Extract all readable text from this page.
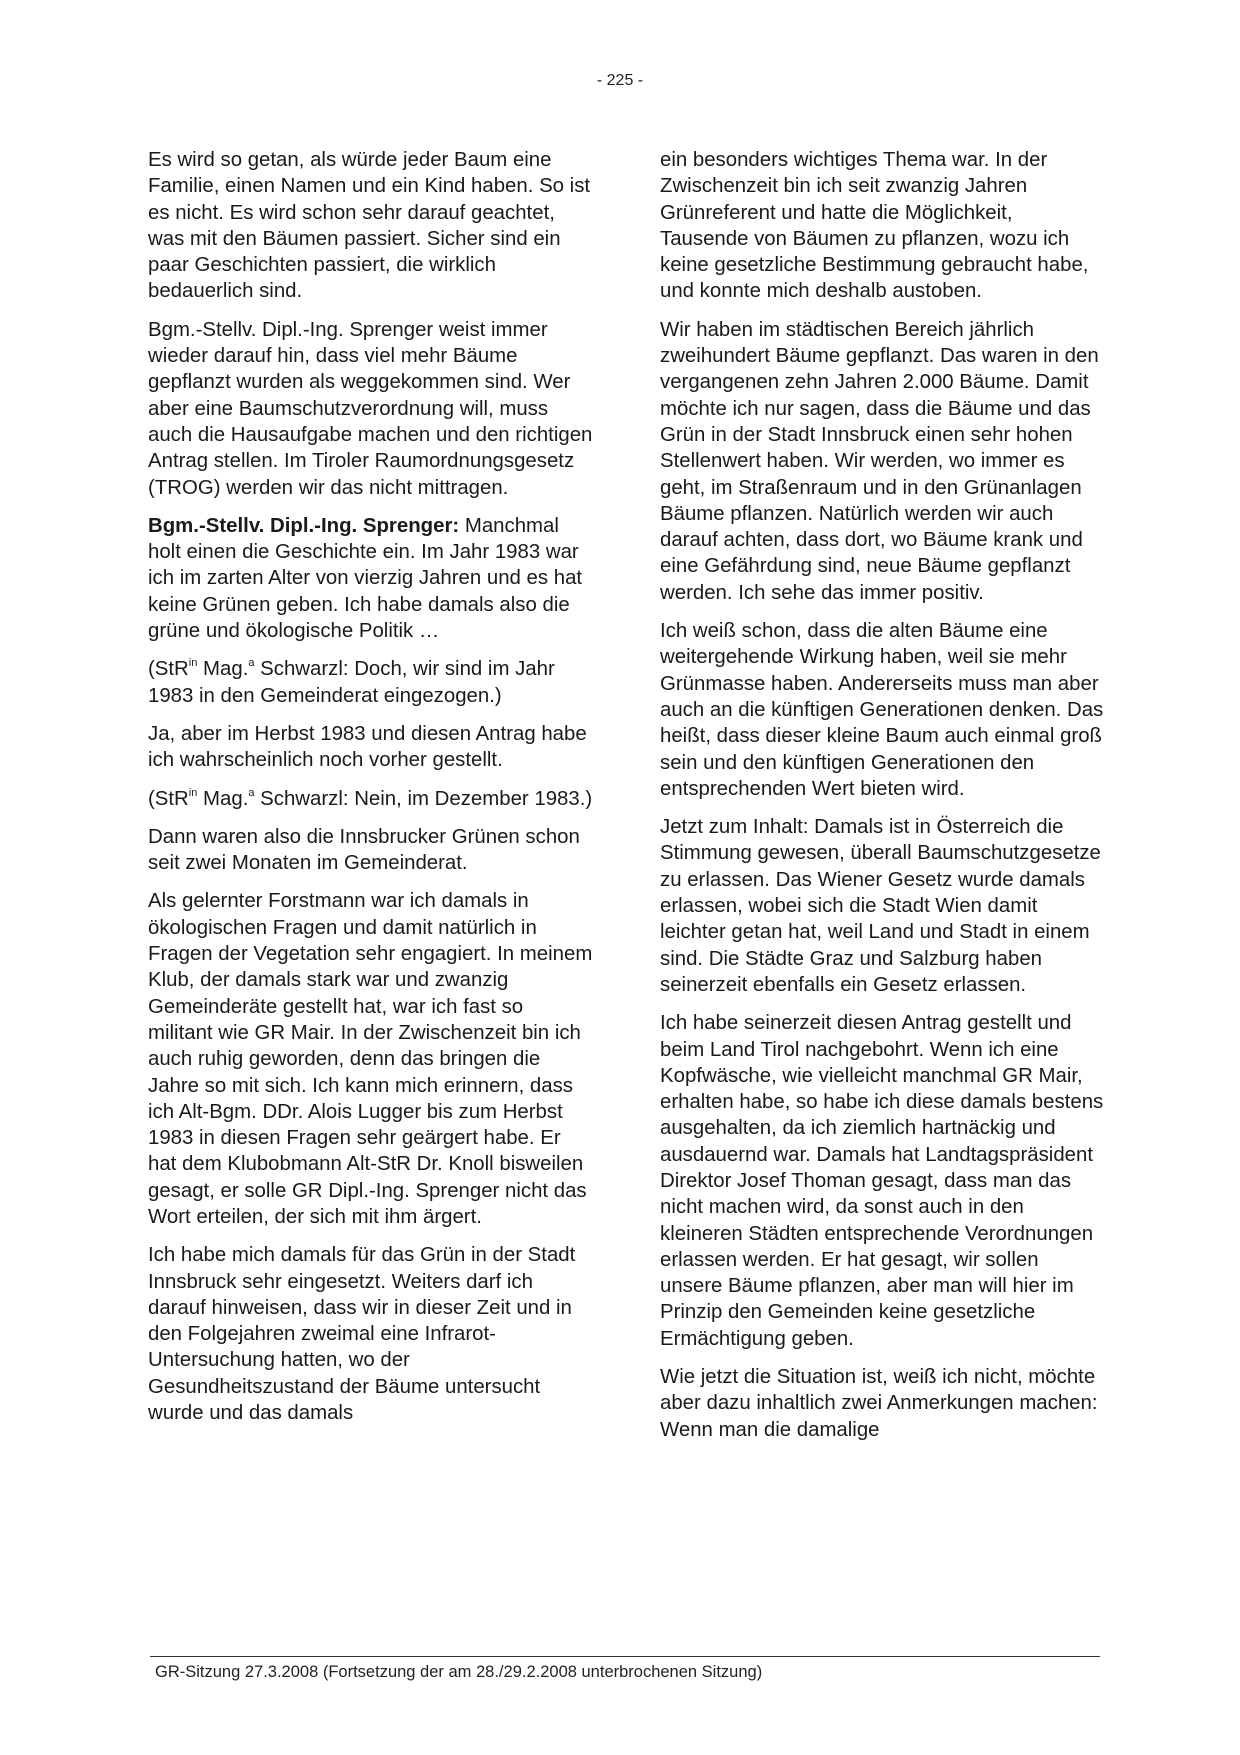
- 225 -

Es wird so getan, als würde jeder Baum eine Familie, einen Namen und ein Kind haben. So ist es nicht. Es wird schon sehr darauf geachtet, was mit den Bäumen passiert. Sicher sind ein paar Geschichten passiert, die wirklich bedauerlich sind.

Bgm.-Stellv. Dipl.-Ing. Sprenger weist immer wieder darauf hin, dass viel mehr Bäume gepflanzt wurden als weggekommen sind. Wer aber eine Baumschutzverordnung will, muss auch die Hausaufgabe machen und den richtigen Antrag stellen. Im Tiroler Raumordnungsgesetz (TROG) werden wir das nicht mittragen.

Bgm.-Stellv. Dipl.-Ing. Sprenger: Manchmal holt einen die Geschichte ein. Im Jahr 1983 war ich im zarten Alter von vierzig Jahren und es hat keine Grünen geben. Ich habe damals also die grüne und ökologische Politik …

(StR$^{in}$ Mag.$^a$ Schwarzl: Doch, wir sind im Jahr 1983 in den Gemeinderat eingezogen.)

Ja, aber im Herbst 1983 und diesen Antrag habe ich wahrscheinlich noch vorher gestellt.

(StR$^{in}$ Mag.$^a$ Schwarzl: Nein, im Dezember 1983.)

Dann waren also die Innsbrucker Grünen schon seit zwei Monaten im Gemeinderat.

Als gelernter Forstmann war ich damals in ökologischen Fragen und damit natürlich in Fragen der Vegetation sehr engagiert. In meinem Klub, der damals stark war und zwanzig Gemeinderäte gestellt hat, war ich fast so militant wie GR Mair. In der Zwischenzeit bin ich auch ruhig geworden, denn das bringen die Jahre so mit sich. Ich kann mich erinnern, dass ich Alt-Bgm. DDr. Alois Lugger bis zum Herbst 1983 in diesen Fragen sehr geärgert habe. Er hat dem Klubobmann Alt-StR Dr. Knoll bisweilen gesagt, er solle GR Dipl.-Ing. Sprenger nicht das Wort erteilen, der sich mit ihm ärgert.

Ich habe mich damals für das Grün in der Stadt Innsbruck sehr eingesetzt. Weiters darf ich darauf hinweisen, dass wir in dieser Zeit und in den Folgejahren zweimal eine Infrarot-Untersuchung hatten, wo der Gesundheitszustand der Bäume untersucht wurde und das damals

ein besonders wichtiges Thema war. In der Zwischenzeit bin ich seit zwanzig Jahren Grünreferent und hatte die Möglichkeit, Tausende von Bäumen zu pflanzen, wozu ich keine gesetzliche Bestimmung gebraucht habe, und konnte mich deshalb austoben.

Wir haben im städtischen Bereich jährlich zweihundert Bäume gepflanzt. Das waren in den vergangenen zehn Jahren 2.000 Bäume. Damit möchte ich nur sagen, dass die Bäume und das Grün in der Stadt Innsbruck einen sehr hohen Stellenwert haben. Wir werden, wo immer es geht, im Straßenraum und in den Grünanlagen Bäume pflanzen. Natürlich werden wir auch darauf achten, dass dort, wo Bäume krank und eine Gefährdung sind, neue Bäume gepflanzt werden. Ich sehe das immer positiv.

Ich weiß schon, dass die alten Bäume eine weitergehende Wirkung haben, weil sie mehr Grünmasse haben. Andererseits muss man aber auch an die künftigen Generationen denken. Das heißt, dass dieser kleine Baum auch einmal groß sein und den künftigen Generationen den entsprechenden Wert bieten wird.

Jetzt zum Inhalt: Damals ist in Österreich die Stimmung gewesen, überall Baumschutzgesetze zu erlassen. Das Wiener Gesetz wurde damals erlassen, wobei sich die Stadt Wien damit leichter getan hat, weil Land und Stadt in einem sind. Die Städte Graz und Salzburg haben seinerzeit ebenfalls ein Gesetz erlassen.

Ich habe seinerzeit diesen Antrag gestellt und beim Land Tirol nachgebohrt. Wenn ich eine Kopfwäsche, wie vielleicht manchmal GR Mair, erhalten habe, so habe ich diese damals bestens ausgehalten, da ich ziemlich hartnäckig und ausdauernd war. Damals hat Landtagspräsident Direktor Josef Thoman gesagt, dass man das nicht machen wird, da sonst auch in den kleineren Städten entsprechende Verordnungen erlassen werden. Er hat gesagt, wir sollen unsere Bäume pflanzen, aber man will hier im Prinzip den Gemeinden keine gesetzliche Ermächtigung geben.

Wie jetzt die Situation ist, weiß ich nicht, möchte aber dazu inhaltlich zwei Anmerkungen machen: Wenn man die damalige

GR-Sitzung 27.3.2008 (Fortsetzung der am 28./29.2.2008 unterbrochenen Sitzung)
